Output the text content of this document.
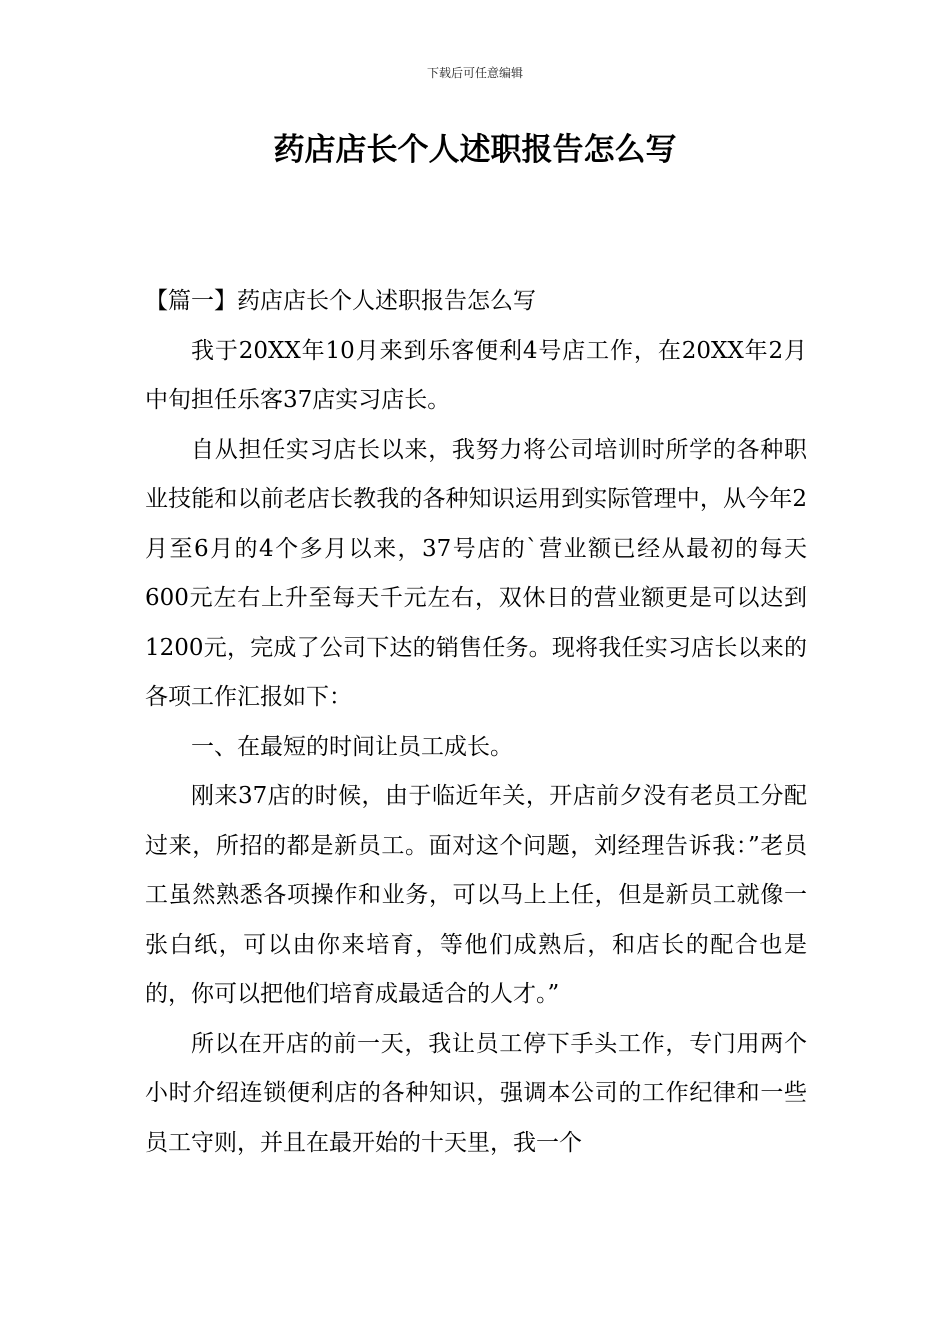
下载后可任意编辑
药店店长个人述职报告怎么写

【篇一】药店店长个人述职报告怎么写

我于20XX年10月来到乐客便利4号店工作，在20XX年2月中旬担任乐客37店实习店长。

自从担任实习店长以来，我努力将公司培训时所学的各种职业技能和以前老店长教我的各种知识运用到实际管理中，从今年2月至6月的4个多月以来，37号店的`营业额已经从最初的每天600元左右上升至每天千元左右，双休日的营业额更是可以达到1200元，完成了公司下达的销售任务。现将我任实习店长以来的各项工作汇报如下：

一、在最短的时间让员工成长。

刚来37店的时候，由于临近年关，开店前夕没有老员工分配过来，所招的都是新员工。面对这个问题，刘经理告诉我：”老员工虽然熟悉各项操作和业务，可以马上上任，但是新员工就像一张白纸，可以由你来培育，等他们成熟后，和店长的配合也是的，你可以把他们培育成最适合的人才。”

所以在开店的前一天，我让员工停下手头工作，专门用两个小时介绍连锁便利店的各种知识，强调本公司的工作纪律和一些员工守则，并且在最开始的十天里，我一个
